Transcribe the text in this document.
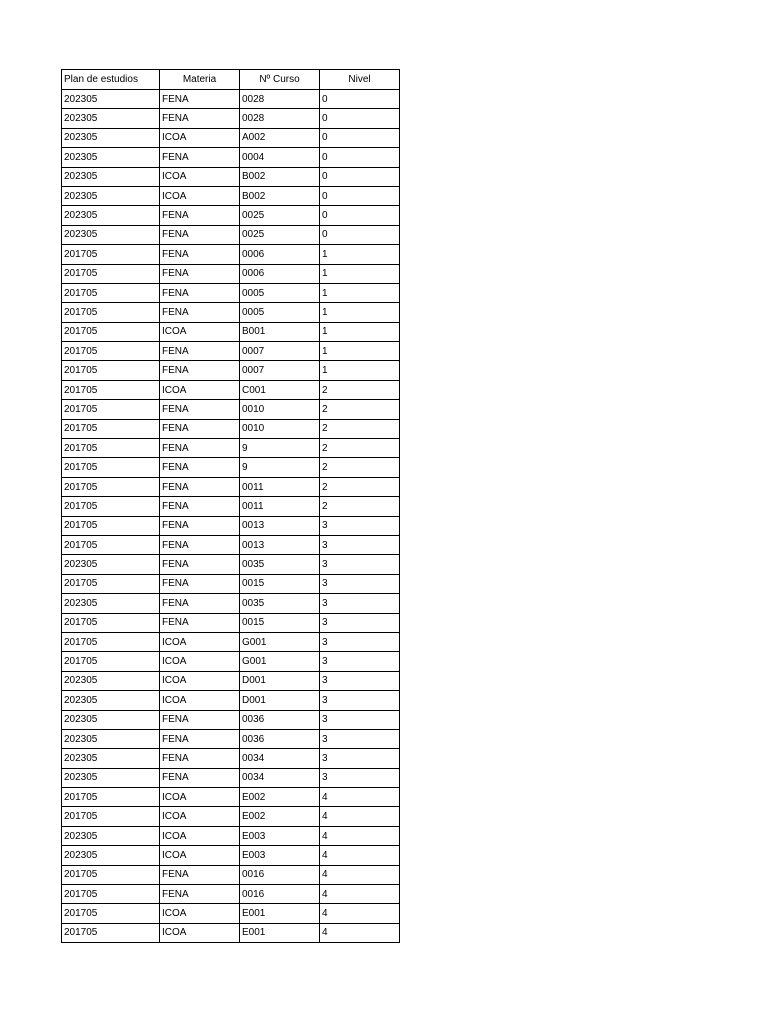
Plan de estudios	Materia	Nº Curso	Nivel
202305	FENA	0028	0
202305	FENA	0028	0
202305	ICOA	A002	0
202305	FENA	0004	0
202305	ICOA	B002	0
202305	ICOA	B002	0
202305	FENA	0025	0
202305	FENA	0025	0
201705	FENA	0006	1
201705	FENA	0006	1
201705	FENA	0005	1
201705	FENA	0005	1
201705	ICOA	B001	1
201705	FENA	0007	1
201705	FENA	0007	1
201705	ICOA	C001	2
201705	FENA	0010	2
201705	FENA	0010	2
201705	FENA	9	2
201705	FENA	9	2
201705	FENA	0011	2
201705	FENA	0011	2
201705	FENA	0013	3
201705	FENA	0013	3
202305	FENA	0035	3
201705	FENA	0015	3
202305	FENA	0035	3
201705	FENA	0015	3
201705	ICOA	G001	3
201705	ICOA	G001	3
202305	ICOA	D001	3
202305	ICOA	D001	3
202305	FENA	0036	3
202305	FENA	0036	3
202305	FENA	0034	3
202305	FENA	0034	3
201705	ICOA	E002	4
201705	ICOA	E002	4
202305	ICOA	E003	4
202305	ICOA	E003	4
201705	FENA	0016	4
201705	FENA	0016	4
201705	ICOA	E001	4
201705	ICOA	E001	4
